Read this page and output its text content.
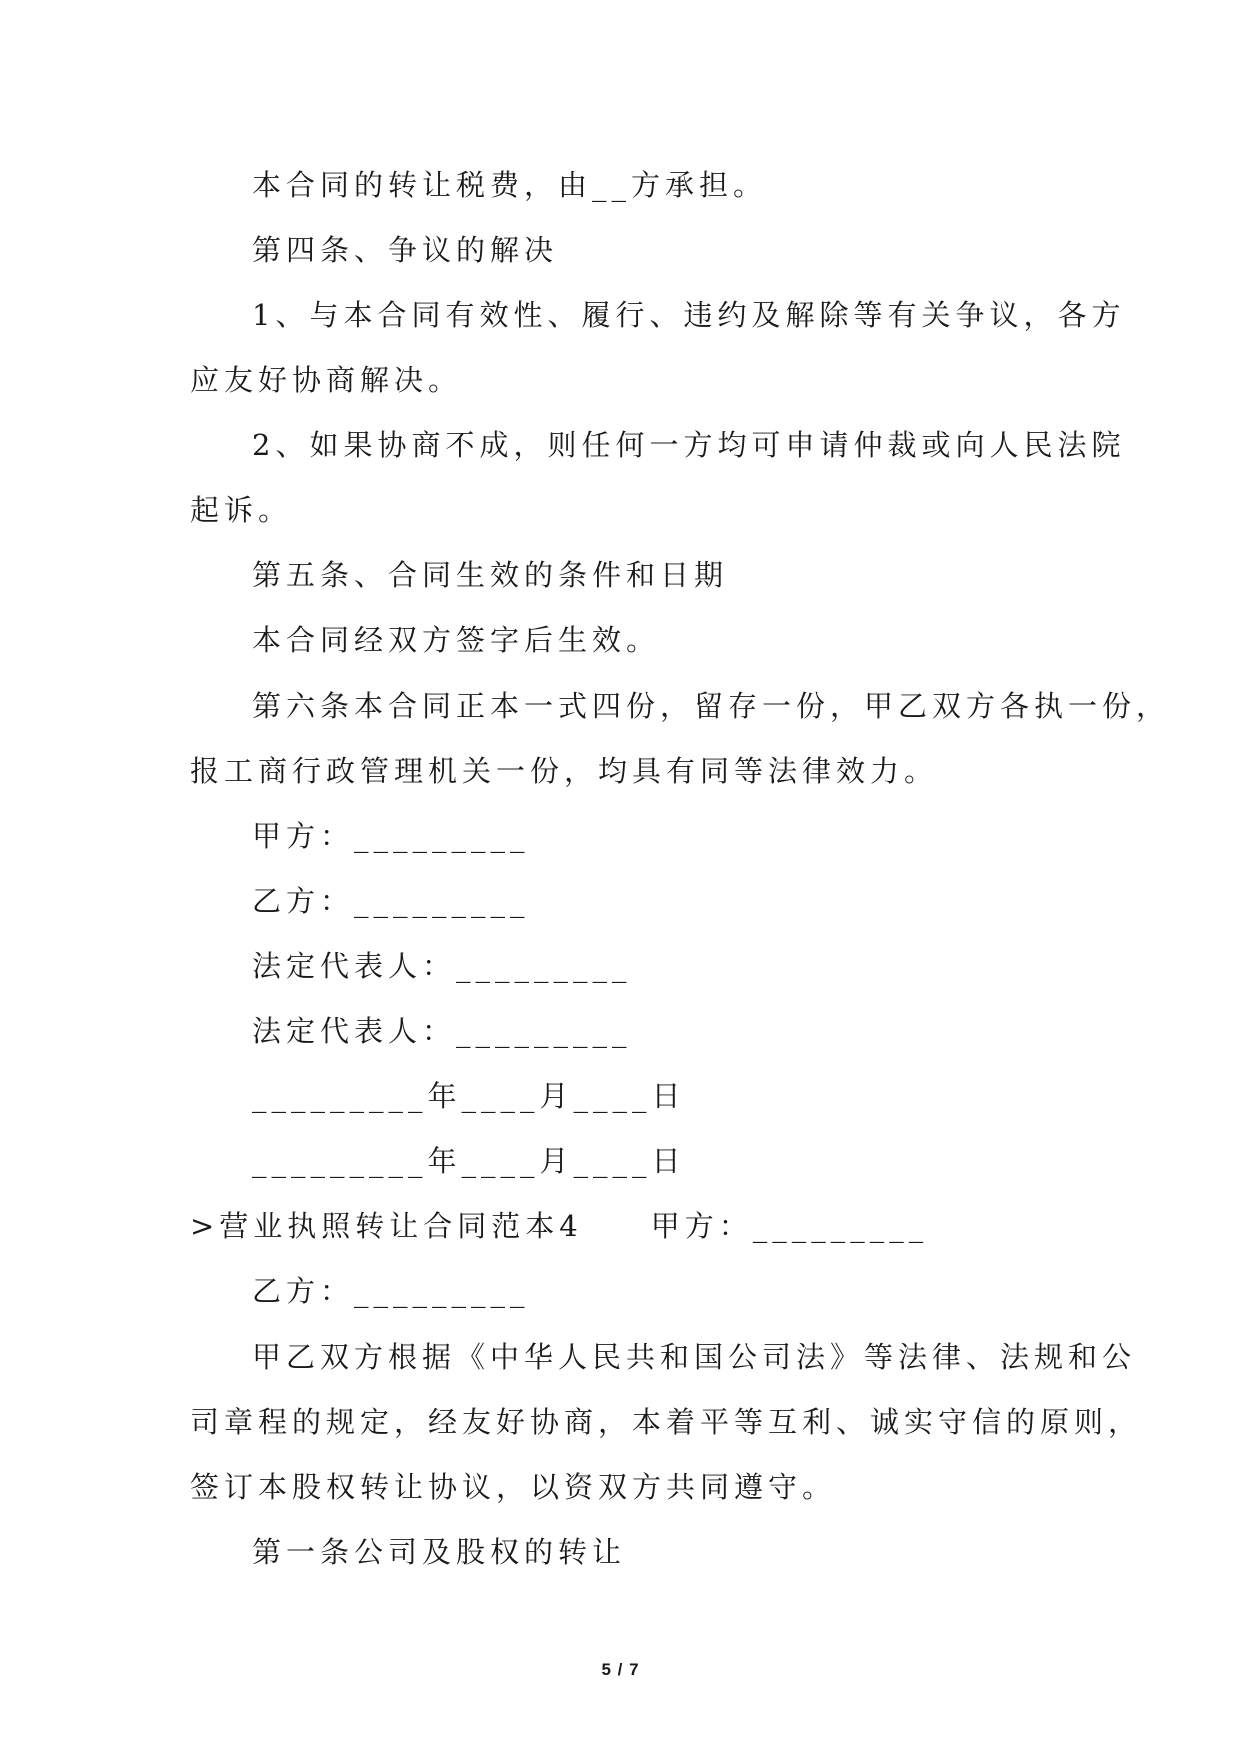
本合同的转让税费，由__方承担。
第四条、争议的解决
1、与本合同有效性、履行、违约及解除等有关争议，各方
应友好协商解决。
2、如果协商不成，则任何一方均可申请仲裁或向人民法院
起诉。
第五条、合同生效的条件和日期
本合同经双方签字后生效。
第六条本合同正本一式四份，留存一份，甲乙双方各执一份，
报工商行政管理机关一份，均具有同等法律效力。
甲方：_________
乙方：_________
法定代表人：_________
法定代表人：_________
_________年____月____日
_________年____月____日
>营业执照转让合同范本4　　甲方：_________
乙方：_________
甲乙双方根据《中华人民共和国公司法》等法律、法规和公
司章程的规定，经友好协商，本着平等互利、诚实守信的原则，
签订本股权转让协议，以资双方共同遵守。
第一条公司及股权的转让
5 / 7
